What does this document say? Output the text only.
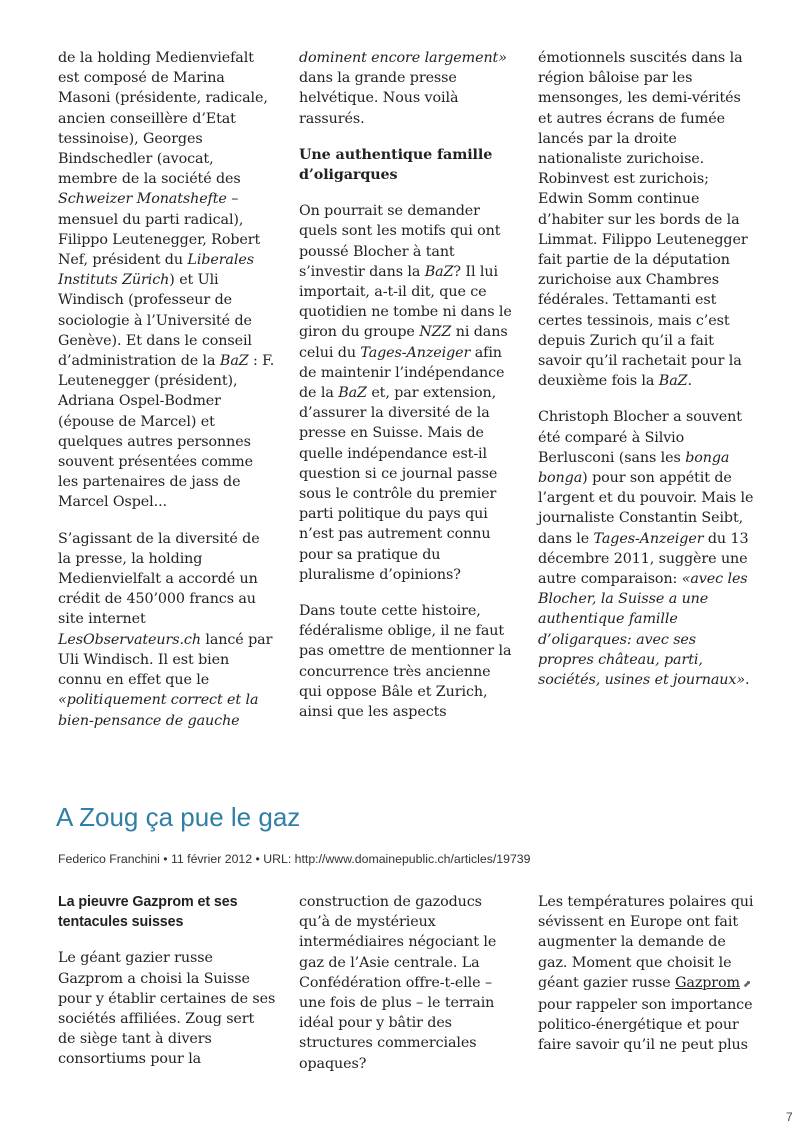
de la holding Medienviefalt est composé de Marina Masoni (présidente, radicale, ancien conseillère d’Etat tessinoise), Georges Bindschedler (avocat, membre de la société des Schweizer Monatshefte – mensuel du parti radical), Filippo Leutenegger, Robert Nef, président du Liberales Instituts Zürich) et Uli Windisch (professeur de sociologie à l’Université de Genève). Et dans le conseil d’administration de la BaZ : F. Leutenegger (président), Adriana Ospel-Bodmer (épouse de Marcel) et quelques autres personnes souvent présentées comme les partenaires de jass de Marcel Ospel...

S’agissant de la diversité de la presse, la holding Medienvielfalt a accordé un crédit de 450’000 francs au site internet LesObservateurs.ch lancé par Uli Windisch. Il est bien connu en effet que le «politiquement correct et la bien-pensance de gauche

dominent encore largement» dans la grande presse helvétique. Nous voilà rassurés.

Une authentique famille d’oligarques

On pourrait se demander quels sont les motifs qui ont poussé Blocher à tant s’investir dans la BaZ? Il lui importait, a-t-il dit, que ce quotidien ne tombe ni dans le giron du groupe NZZ ni dans celui du Tages-Anzeiger afin de maintenir l’indépendance de la BaZ et, par extension, d’assurer la diversité de la presse en Suisse. Mais de quelle indépendance est-il question si ce journal passe sous le contrôle du premier parti politique du pays qui n’est pas autrement connu pour sa pratique du pluralisme d’opinions?

Dans toute cette histoire, fédéralisme oblige, il ne faut pas omettre de mentionner la concurrence très ancienne qui oppose Bâle et Zurich, ainsi que les aspects

émotionnels suscités dans la région bâloise par les mensonges, les demi-vérités et autres écrans de fumée lancés par la droite nationaliste zurichoise. Robinvest est zurichois; Edwin Somm continue d’habiter sur les bords de la Limmat. Filippo Leutenegger fait partie de la députation zurichoise aux Chambres fédérales. Tettamanti est certes tessinois, mais c’est depuis Zurich qu’il a fait savoir qu’il rachetait pour la deuxième fois la BaZ.

Christoph Blocher a souvent été comparé à Silvio Berlusconi (sans les bonga bonga) pour son appétit de l’argent et du pouvoir. Mais le journaliste Constantin Seibt, dans le Tages-Anzeiger du 13 décembre 2011, suggère une autre comparaison: «avec les Blocher, la Suisse a une authentique famille d’oligarques: avec ses propres château, parti, sociétés, usines et journaux».

A Zoug ça pue le gaz
Federico Franchini • 11 février 2012 • URL: http://www.domainepublic.ch/articles/19739
La pieuvre Gazprom et ses tentacules suisses

Le géant gazier russe Gazprom a choisi la Suisse pour y établir certaines de ses sociétés affiliées. Zoug sert de siège tant à divers consortiums pour la

construction de gazoducs qu’à de mystérieux intermédiaires négociant le gaz de l’Asie centrale. La Confédération offre-t-elle – une fois de plus – le terrain idéal pour y bâtir des structures commerciales opaques?

Les températures polaires qui sévissent en Europe ont fait augmenter la demande de gaz. Moment que choisit le géant gazier russe Gazprom ⬈ pour rappeler son importance politico-énergétique et pour faire savoir qu’il ne peut plus

7
